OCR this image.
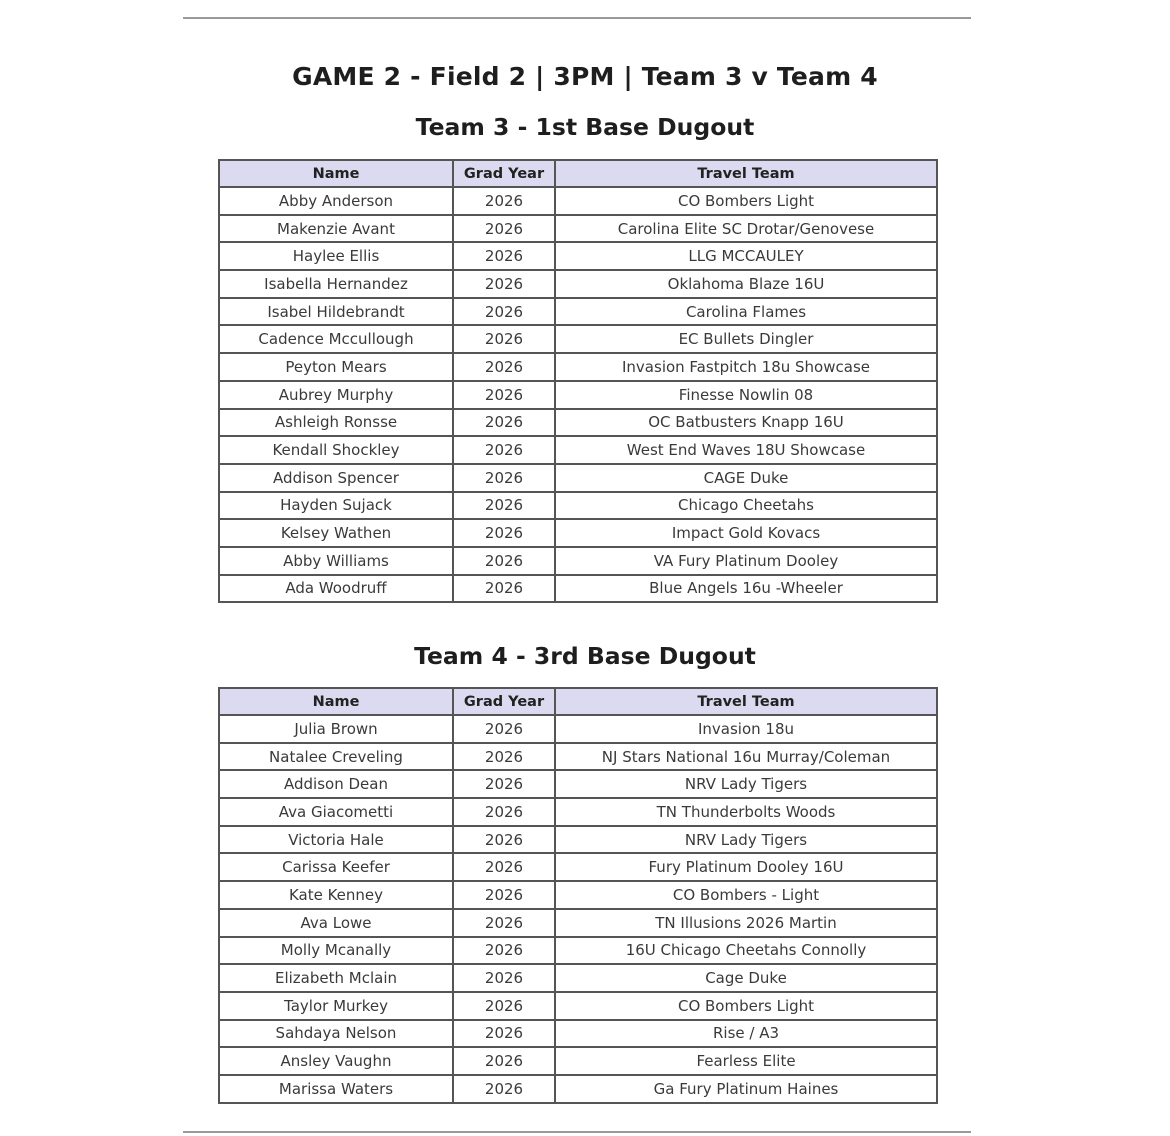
GAME 2 - Field 2 | 3PM | Team 3 v Team 4
Team 3 - 1st Base Dugout
Name	Grad Year	Travel Team
Abby Anderson	2026	CO Bombers Light
Makenzie Avant	2026	Carolina Elite SC Drotar/Genovese
Haylee Ellis	2026	LLG MCCAULEY
Isabella Hernandez	2026	Oklahoma Blaze 16U
Isabel Hildebrandt	2026	Carolina Flames
Cadence Mccullough	2026	EC Bullets Dingler
Peyton Mears	2026	Invasion Fastpitch 18u Showcase
Aubrey Murphy	2026	Finesse Nowlin 08
Ashleigh Ronsse	2026	OC Batbusters Knapp 16U
Kendall Shockley	2026	West End Waves 18U Showcase
Addison Spencer	2026	CAGE Duke
Hayden Sujack	2026	Chicago Cheetahs
Kelsey Wathen	2026	Impact Gold Kovacs
Abby Williams	2026	VA Fury Platinum Dooley
Ada Woodruff	2026	Blue Angels 16u -Wheeler
Team 4 - 3rd Base Dugout
Name	Grad Year	Travel Team
Julia Brown	2026	Invasion 18u
Natalee Creveling	2026	NJ Stars National 16u Murray/Coleman
Addison Dean	2026	NRV Lady Tigers
Ava Giacometti	2026	TN Thunderbolts Woods
Victoria Hale	2026	NRV Lady Tigers
Carissa Keefer	2026	Fury Platinum Dooley 16U
Kate Kenney	2026	CO Bombers - Light
Ava Lowe	2026	TN Illusions 2026 Martin
Molly Mcanally	2026	16U Chicago Cheetahs Connolly
Elizabeth Mclain	2026	Cage Duke
Taylor Murkey	2026	CO Bombers Light
Sahdaya Nelson	2026	Rise / A3
Ansley Vaughn	2026	Fearless Elite
Marissa Waters	2026	Ga Fury Platinum Haines
